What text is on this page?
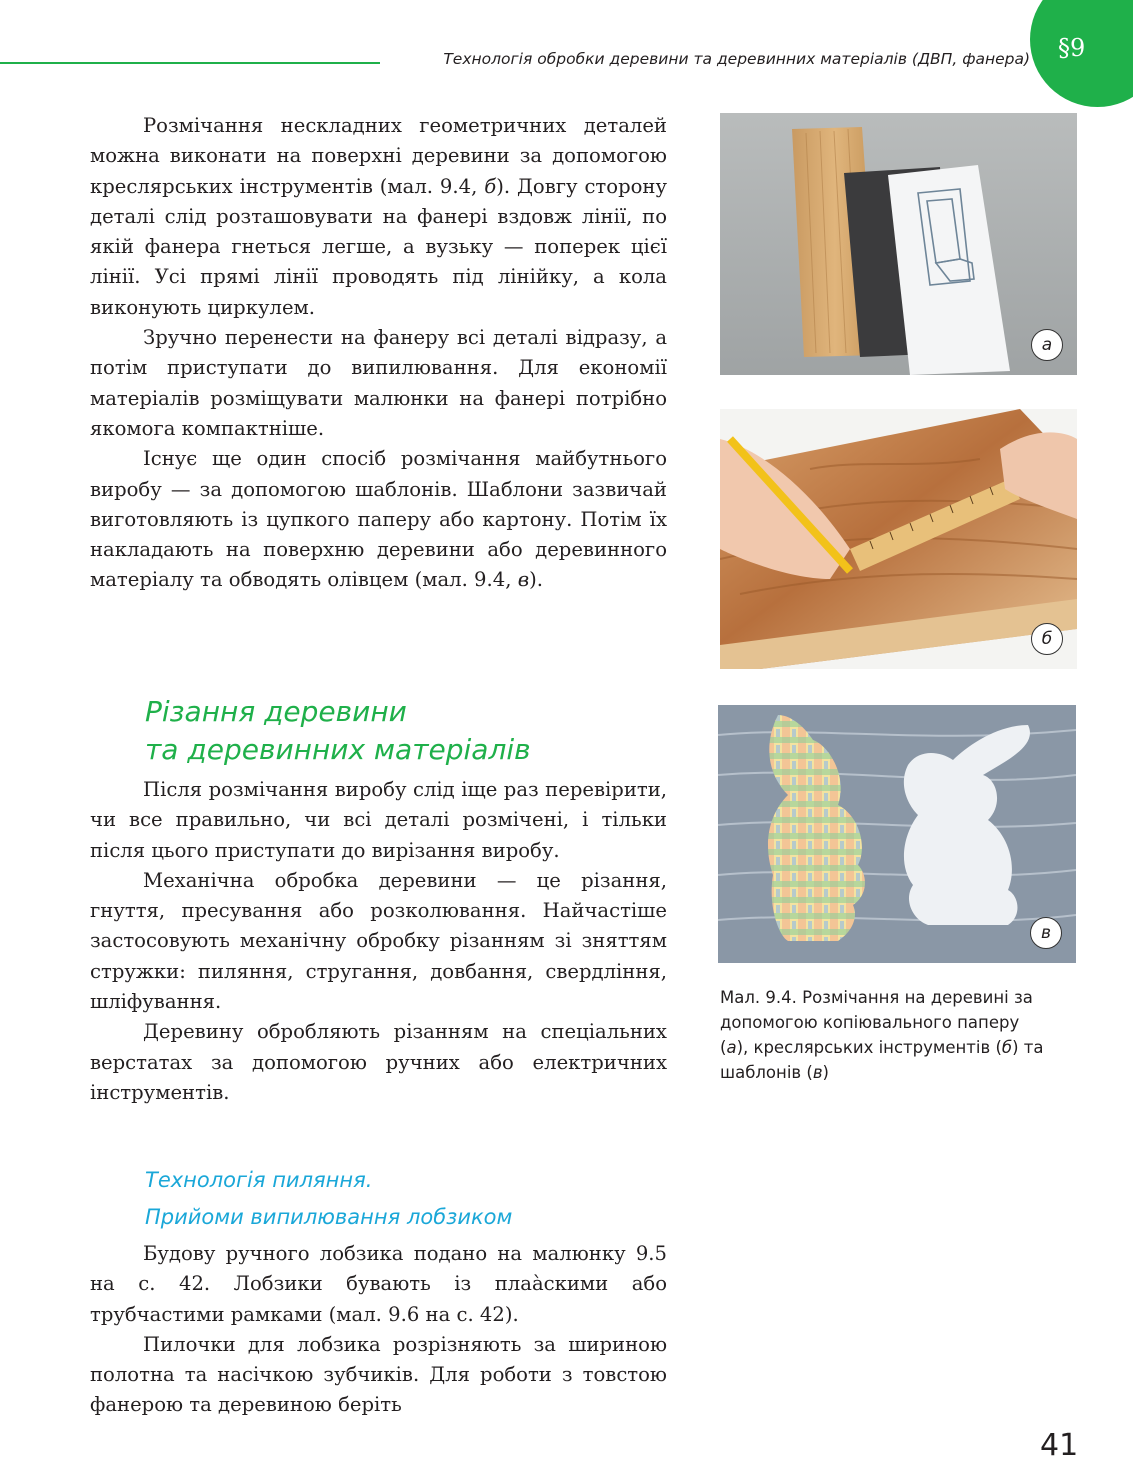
Технологія обробки деревини та деревинних матеріалів (ДВП, фанера) §9

Розмічання нескладних геометричних деталей можна виконати на поверхні деревини за допомогою креслярських інструментів (мал. 9.4, б). Довгу сторону деталі слід розташовувати на фанері вздовж лінії, по якій фанера гнеться легше, а вузьку — поперек цієї лінії. Усі прямі лінії проводять під лінійку, а кола виконують циркулем.

Зручно перенести на фанеру всі деталі відразу, а потім приступати до випилювання. Для економії матеріалів розміщувати малюнки на фанері потрібно якомога компактніше.

Існує ще один спосіб розмічання майбутнього виробу — за допомогою шаблонів. Шаблони зазвичай виготовляють із цупкого паперу або картону. Потім їх накладають на поверхню деревини або деревинного матеріалу та обводять олівцем (мал. 9.4, в).

Різання деревини
та деревинних матеріалів

Після розмічання виробу слід іще раз перевірити, чи все правильно, чи всі деталі розмічені, і тільки після цього приступати до вирізання виробу.

Механічна обробка деревини — це різання, гнуття, пресування або розколювання. Найчастіше застосовують механічну обробку різанням зі зняттям стружки: пиляння, стругання, довбання, свердління, шліфування.

Деревину обробляють різанням на спеціальних верстатах за допомогою ручних або електричних інструментів.

Технологія пиляння.
Прийоми випилювання лобзиком

Будову ручного лобзика подано на малюнку 9.5 на с. 42. Лобзики бувають із плаàскими або трубчастими рамками (мал. 9.6 на с. 42).

Пилочки для лобзика розрізняють за шириною полотна та насічкою зубчиків. Для роботи з товстою фанерою та деревиною беріть

а
б
в

Мал. 9.4. Розмічання на деревині за допомогою копіювального паперу (а), креслярських інструментів (б) та шаблонів (в)

41
